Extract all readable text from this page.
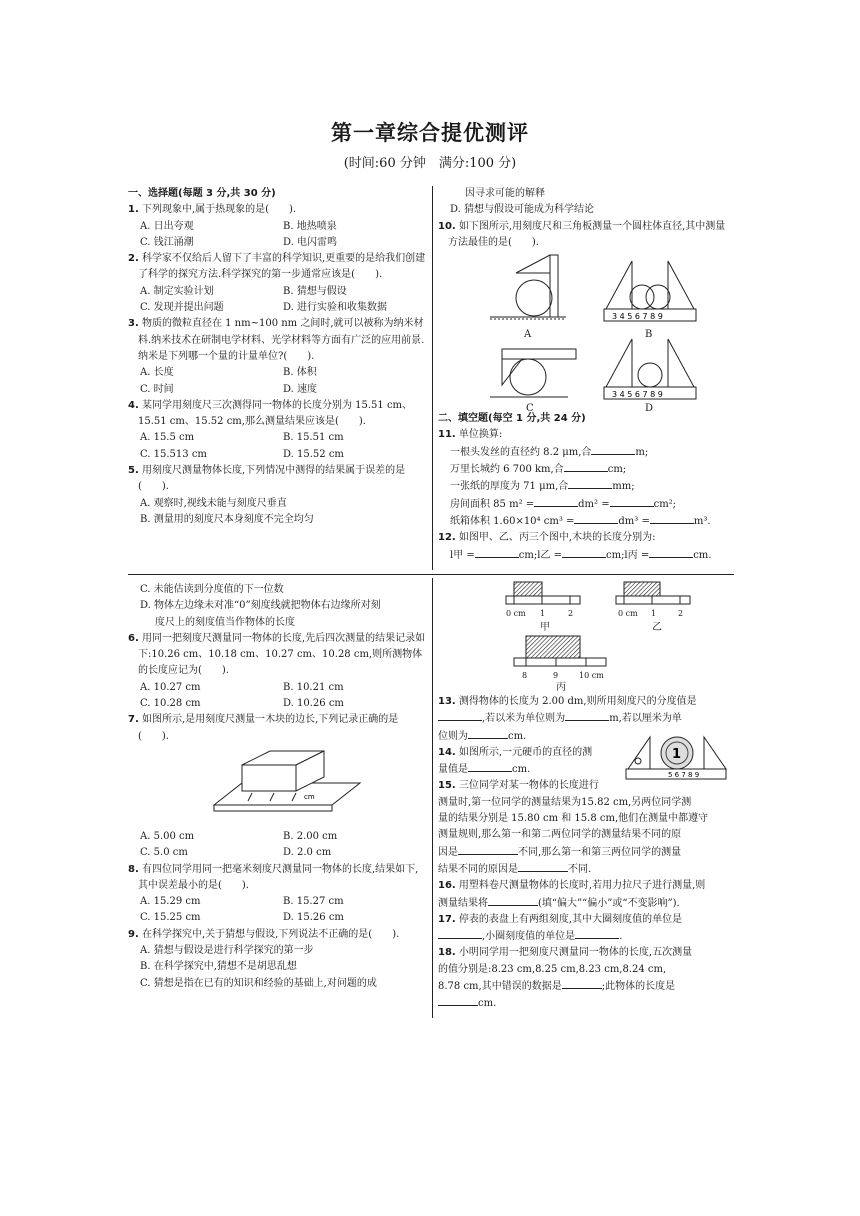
第一章综合提优测评
(时间:60 分钟　满分:100 分)
一、选择题(每题 3 分,共 30 分)
1. 下列现象中,属于热现象的是(　　).
A. 日出夸观	B. 地热喷泉
C. 钱江涌潮	D. 电闪雷鸣
2. 科学家不仅给后人留下了丰富的科学知识,更重要的是给我们创建了科学的探究方法.科学探究的第一步通常应该是(　　).
A. 制定实验计划	B. 猜想与假设
C. 发现并提出问题	D. 进行实验和收集数据
3. 物质的微粒直径在 1 nm~100 nm 之间时,就可以被称为纳米材料.纳米技术在研制电学材料、光学材料等方面有广泛的应用前景.纳米是下列哪一个量的计量单位?(　　).
A. 长度	B. 体积
C. 时间	D. 速度
4. 某同学用刻度尺三次测得同一物体的长度分别为 15.51 cm、15.51 cm、15.52 cm,那么测量结果应该是(　　).
A. 15.5 cm	B. 15.51 cm
C. 15.513 cm	D. 15.52 cm
5. 用刻度尺测量物体长度,下列情况中测得的结果属于误差的是(　　).
A. 观察时,视线未能与刻度尺垂直
B. 测量用的刻度尺本身刻度不完全均匀
C. 未能估读到分度值的下一位数
D. 物体左边缘未对准“0”刻度线就把物体右边缘所对刻
度尺上的刻度值当作物体的长度
6. 用同一把刻度尺测量同一物体的长度,先后四次测量的结果记录如下:10.26 cm、10.18 cm、10.27 cm、10.28 cm,则所测物体的长度应记为(　　).
A. 10.27 cm	B. 10.21 cm
C. 10.28 cm	D. 10.26 cm
7. 如图所示,是用刻度尺测量一木块的边长,下列记录正确的是(　　).
cm
A. 5.00 cm	B. 2.00 cm
C. 5.0 cm	D. 2.0 cm
8. 有四位同学用同一把毫米刻度尺测量同一物体的长度,结果如下,其中误差最小的是(　　).
A. 15.29 cm	B. 15.27 cm
C. 15.25 cm	D. 15.26 cm
9. 在科学探究中,关于猜想与假设,下列说法不正确的是(　　).
A. 猜想与假设是进行科学探究的第一步
B. 在科学探究中,猜想不是胡思乱想
C. 猜想是指在已有的知识和经验的基础上,对问题的成
因寻求可能的解释
D. 猜想与假设可能成为科学结论
10. 如下图所示,用刻度尺和三角板测量一个圆柱体直径,其中测量方法最佳的是(　　).
A
3 4 5 6 7 8 9
B
C
3 4 5 6 7 8 9
D
二、填空题(每空 1 分,共 24 分)
11. 单位换算:
一根头发丝的直径约 8.2 μm,合	m;
万里长城约 6 700 km,合	cm;
一张纸的厚度为 71 μm,合	mm;
房间面积 85 m² =	dm² =	cm²;
纸箱体积 1.60×10⁴ cm³ =	dm³ =	m³.
12. 如图甲、乙、丙三个图中,木块的长度分别为:
l甲 =	cm;l乙 =	cm;l丙 =	cm.
0 cm 1	2
甲
0 cm 1	2
乙
8	9	10 cm
丙
13. 测得物体的长度为 2.00 dm,则所用刻度尺的分度值是
,若以米为单位则为	m,若以厘米为单
位则为	cm.
14. 如图所示,一元硬币的直径的测
量值是	cm.
1
5 6 7 8 9
15. 三位同学对某一物体的长度进行
测量时,第一位同学的测量结果为15.82 cm,另两位同学测
量的结果分别是 15.80 cm 和 15.8 cm,他们在测量中都遵守
测量规则,那么第一和第二两位同学的测量结果不同的原
因是	不同,那么第一和第三两位同学的测量
结果不同的原因是	不同.
16. 用塑料卷尺测量物体的长度时,若用力拉尺子进行测量,则
测量结果将	(填“偏大”“偏小”或“不变影响”).
17. 停表的表盘上有两组刻度,其中大圈刻度值的单位是
,小圈刻度值的单位是	.
18. 小明同学用一把刻度尺测量同一物体的长度,五次测量
的值分别是:8.23 cm,8.25 cm,8.23 cm,8.24 cm,
8.78 cm,其中错误的数据是	;此物体的长度是
cm.
